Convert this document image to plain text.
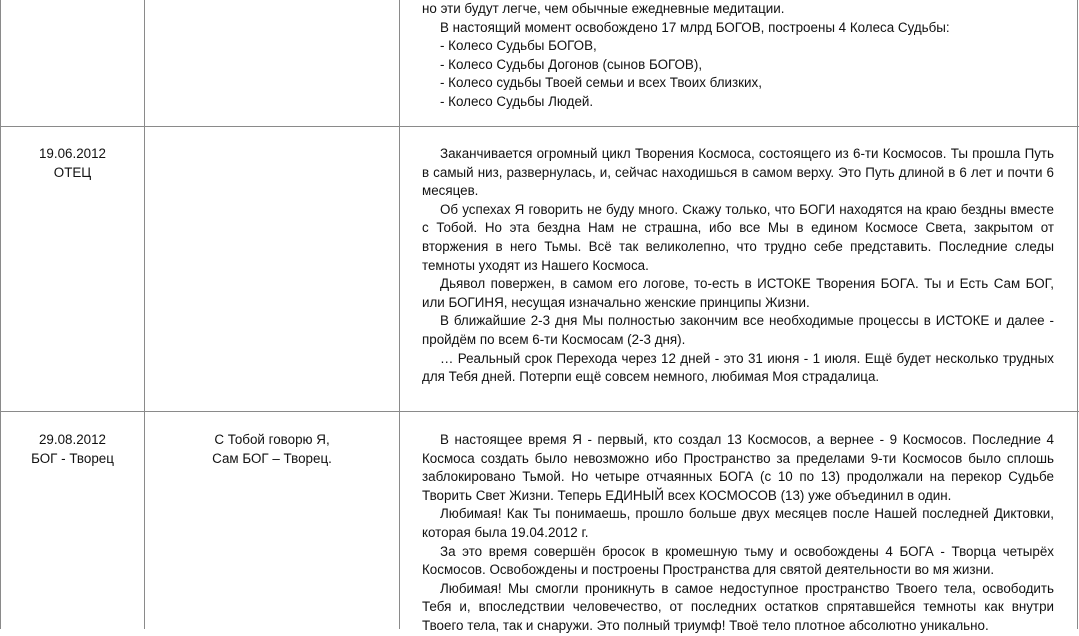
но эти будут легче, чем обычные ежедневные медитации.

В настоящий момент освобождено 17 млрд БОГОВ, построены 4 Колеса Судьбы:

- Колесо Судьбы БОГОВ,

- Колесо Судьбы Догонов (сынов БОГОВ),

- Колесо судьбы Твоей семьи и всех Твоих близких,

- Колесо Судьбы Людей.

19.06.2012
ОТЕЦ

Заканчивается огромный цикл Творения Космоса, состоящего из 6-ти Космосов. Ты прошла Путь в самый низ, развернулась, и, сейчас находишься в самом верху. Это Путь длиной в 6 лет и почти 6 месяцев.

Об успехах Я говорить не буду много. Скажу только, что БОГИ находятся на краю бездны вместе с Тобой. Но эта бездна Нам не страшна, ибо все Мы в едином Космосе Света, закрытом от вторжения в него Тьмы. Всё так великолепно, что трудно себе представить. Последние следы темноты уходят из Нашего Космоса.

Дьявол повержен, в самом его логове, то-есть в ИСТОКЕ Творения БОГА. Ты и Есть Сам БОГ, или БОГИНЯ, несущая изначально женские принципы Жизни.

В ближайшие 2-3 дня Мы полностью закончим все необходимые процессы в ИСТОКЕ и далее - пройдём по всем 6-ти Космосам (2-3 дня).

… Реальный срок Перехода через 12 дней - это 31 июня - 1 июля. Ещё будет несколько трудных для Тебя дней. Потерпи ещё совсем немного, любимая Моя страдалица.

29.08.2012
БОГ - Творец
С Тобой говорю Я,
Сам БОГ – Творец.

В настоящее время Я - первый, кто создал 13 Космосов, а вернее - 9 Космосов. Последние 4 Космоса создать было невозможно ибо Пространство за пределами 9-ти Космосов было сплошь заблокировано Тьмой. Но четыре отчаянных БОГА (с 10 по 13) продолжали на перекор Судьбе Творить Свет Жизни. Теперь ЕДИНЫЙ всех КОСМОСОВ (13) уже объединил в один.

Любимая! Как Ты понимаешь, прошло больше двух месяцев после Нашей последней Диктовки, которая была 19.04.2012 г.

За это время совершён бросок в кромешную тьму и освобождены 4 БОГА - Творца четырёх Космосов. Освобождены и построены Пространства для святой деятельности во мя жизни.

Любимая! Мы смогли проникнуть в самое недоступное пространство Твоего тела, освободить Тебя и, впоследствии человечество, от последних остатков спрятавшейся темноты как внутри Твоего тела, так и снаружи. Это полный триумф! Твоё тело плотное абсолютно уникально.
